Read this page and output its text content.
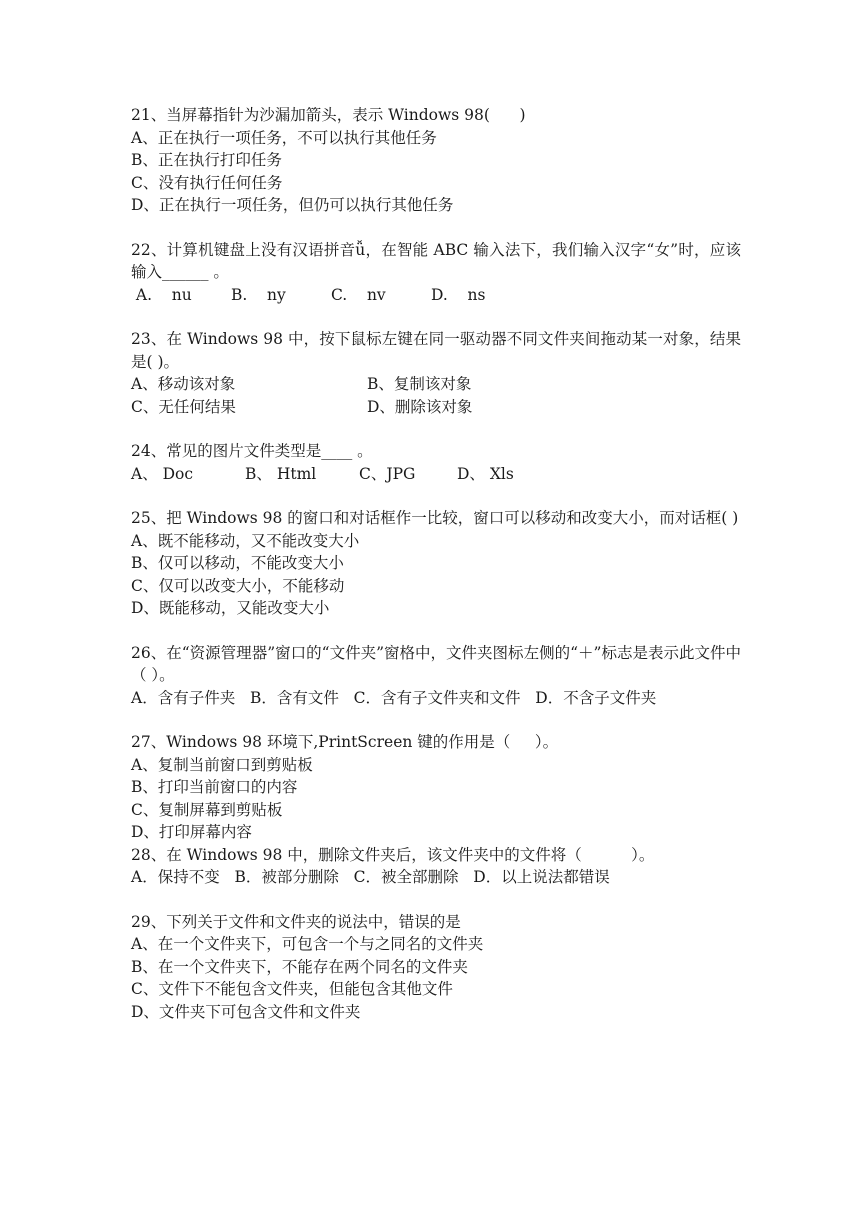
21、当屏幕指针为沙漏加箭头，表示 Windows 98(      )
A、正在执行一项任务，不可以执行其他任务
B、正在执行打印任务
C、没有执行任何任务
D、正在执行一项任务，但仍可以执行其他任务
22、计算机键盘上没有汉语拼音ǚ，在智能 ABC 输入法下，我们输入汉字“女”时，应该输入______ 。
A.    nu	B.    ny	C.    nv	D.    ns
23、在 Windows 98 中，按下鼠标左键在同一驱动器不同文件夹间拖动某一对象，结果是( )。
A、移动该对象	B、复制该对象
C、无任何结果	D、删除该对象
24、常见的图片文件类型是____ 。
A、 Doc	B、 Html	C、JPG	D、 Xls
25、把 Windows 98 的窗口和对话框作一比较，窗口可以移动和改变大小，而对话框( )
A、既不能移动，又不能改变大小
B、仅可以移动，不能改变大小
C、仅可以改变大小，不能移动
D、既能移动，又能改变大小
26、在“资源管理器”窗口的“文件夹”窗格中，文件夹图标左侧的“＋”标志是表示此文件中（ ）。
A．含有子件夹   B．含有文件   C．含有子文件夹和文件   D．不含子文件夹
27、Windows 98 环境下,PrintScreen 键的作用是（     ）。
A、复制当前窗口到剪贴板
B、打印当前窗口的内容
C、复制屏幕到剪贴板
D、打印屏幕内容
28、在 Windows 98 中，删除文件夹后，该文件夹中的文件将（          ）。
A．保持不变   B．被部分删除   C．被全部删除   D．以上说法都错误
29、下列关于文件和文件夹的说法中，错误的是
A、在一个文件夹下，可包含一个与之同名的文件夹
B、在一个文件夹下，不能存在两个同名的文件夹
C、文件下不能包含文件夹，但能包含其他文件
D、文件夹下可包含文件和文件夹
